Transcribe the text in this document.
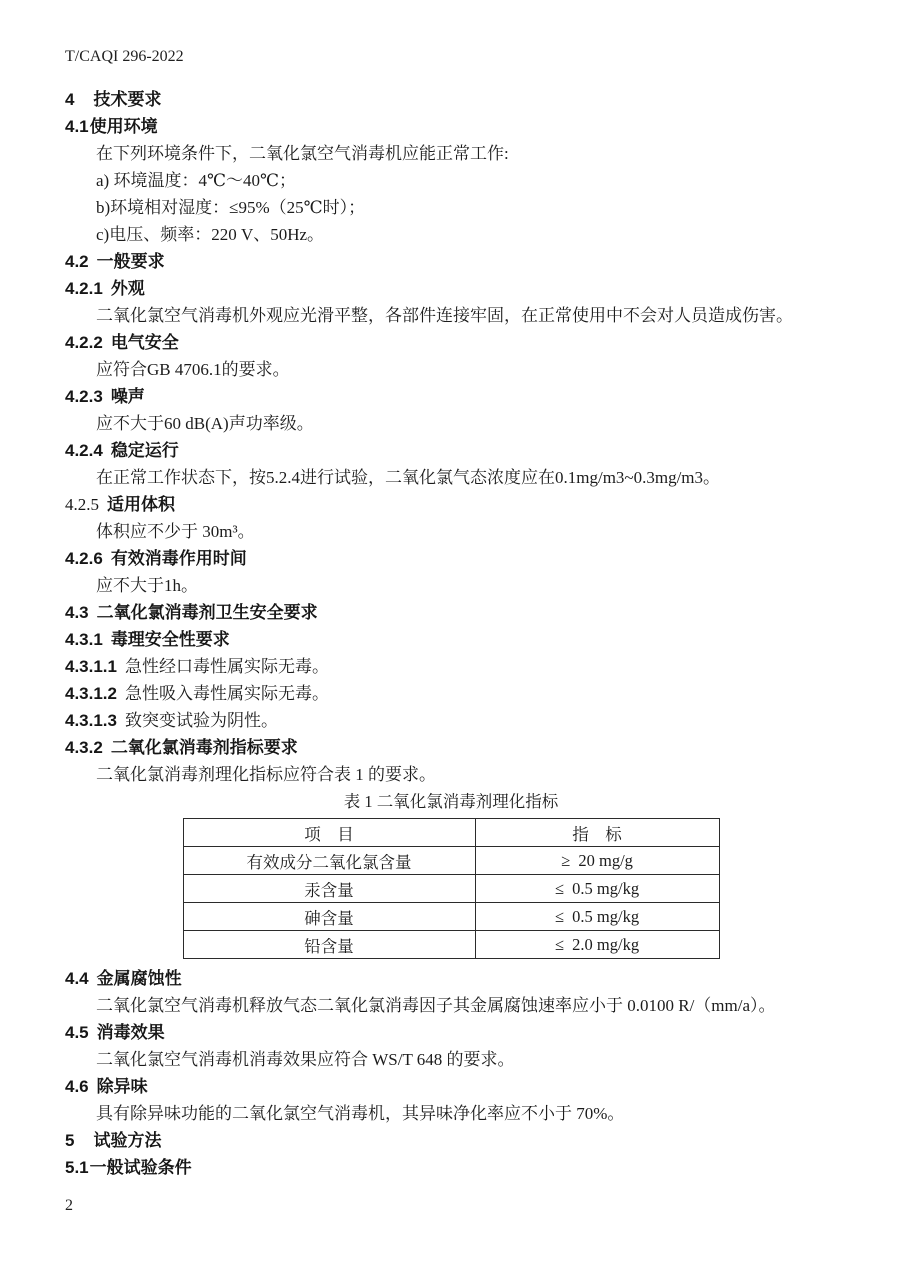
T/CAQI 296-2022
4 技术要求
4.1使用环境
在下列环境条件下，二氧化氯空气消毒机应能正常工作:
a) 环境温度：4℃～40℃；
b)环境相对湿度：≤95%（25℃时）；
c)电压、频率：220 V、50Hz。
4.2 一般要求
4.2.1 外观
二氧化氯空气消毒机外观应光滑平整，各部件连接牢固，在正常使用中不会对人员造成伤害。
4.2.2 电气安全
应符合GB 4706.1的要求。
4.2.3 噪声
应不大于60 dB(A)声功率级。
4.2.4 稳定运行
在正常工作状态下，按5.2.4进行试验，二氧化氯气态浓度应在0.1mg/m3~0.3mg/m3。
4.2.5 适用体积
体积应不少于 30m³。
4.2.6 有效消毒作用时间
应不大于1h。
4.3 二氧化氯消毒剂卫生安全要求
4.3.1 毒理安全性要求
4.3.1.1 急性经口毒性属实际无毒。
4.3.1.2 急性吸入毒性属实际无毒。
4.3.1.3 致突变试验为阴性。
4.3.2 二氧化氯消毒剂指标要求
二氧化氯消毒剂理化指标应符合表 1 的要求。
表 1 二氧化氯消毒剂理化指标
项　目	指　标
有效成分二氧化氯含量	≥  20 mg/g
汞含量	≤  0.5 mg/kg
砷含量	≤  0.5 mg/kg
铅含量	≤  2.0 mg/kg
4.4 金属腐蚀性
二氧化氯空气消毒机释放气态二氧化氯消毒因子其金属腐蚀速率应小于 0.0100 R/（mm/a）。
4.5 消毒效果
二氧化氯空气消毒机消毒效果应符合 WS/T 648 的要求。
4.6 除异味
具有除异味功能的二氧化氯空气消毒机，其异味净化率应不小于 70%。
5 试验方法
5.1一般试验条件
2
